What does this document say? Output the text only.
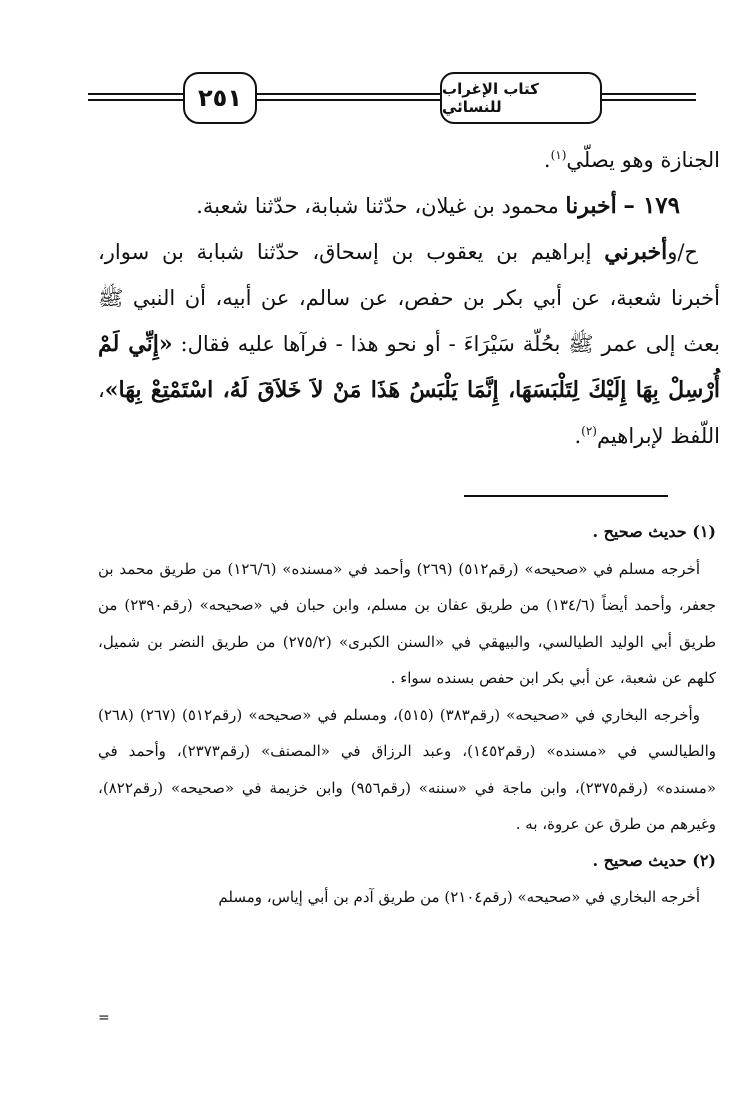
كتاب الإغراب للنسائي
٢٥١

الجنازة وهو يصلّي$^{(١)}$.

١٧٩ – أخبرنا محمود بن غيلان، حدّثنا شبابة، حدّثنا شعبة.

ح/وأخبرني إبراهيم بن يعقوب بن إسحاق، حدّثنا شبابة بن سوار، أخبرنا شعبة، عن أبي بكر بن حفص، عن سالم، عن أبيه، أن النبي ﷺ بعث إلى عمر ﷺ بحُلّة سَيْرَاءَ - أو نحو هذا - فرآها عليه فقال: «إِنِّي لَمْ أُرْسِلْ بِهَا إِلَيْكَ لِتَلْبَسَهَا، إِنَّمَا يَلْبَسُ هَذَا مَنْ لاَ خَلاَقَ لَهُ، اسْتَمْتِعْ بِهَا»، اللّفظ لإبراهيم$^{(٢)}$.

(١) حديث صحيح .

أخرجه مسلم في «صحيحه» (رقم٥١٢) (٢٦٩) وأحمد في «مسنده» (١٢٦/٦) من طريق محمد بن جعفر، وأحمد أيضاً (١٣٤/٦) من طريق عفان بن مسلم، وابن حبان في «صحيحه» (رقم٢٣٩٠) من طريق أبي الوليد الطيالسي، والبيهقي في «السنن الكبرى» (٢٧٥/٢) من طريق النضر بن شميل، كلهم عن شعبة، عن أبي بكر ابن حفص بسنده سواء .

وأخرجه البخاري في «صحيحه» (رقم٣٨٣) (٥١٥)، ومسلم في «صحيحه» (رقم٥١٢) (٢٦٧) (٢٦٨) والطيالسي في «مسنده» (رقم١٤٥٢)، وعبد الرزاق في «المصنف» (رقم٢٣٧٣)، وأحمد في «مسنده» (رقم٢٣٧٥)، وابن ماجة في «سننه» (رقم٩٥٦) وابن خزيمة في «صحيحه» (رقم٨٢٢)، وغيرهم من طرق عن عروة، به .

(٢) حديث صحيح .

أخرجه البخاري في «صحيحه» (رقم٢١٠٤) من طريق آدم بن أبي إياس، ومسلم

=
